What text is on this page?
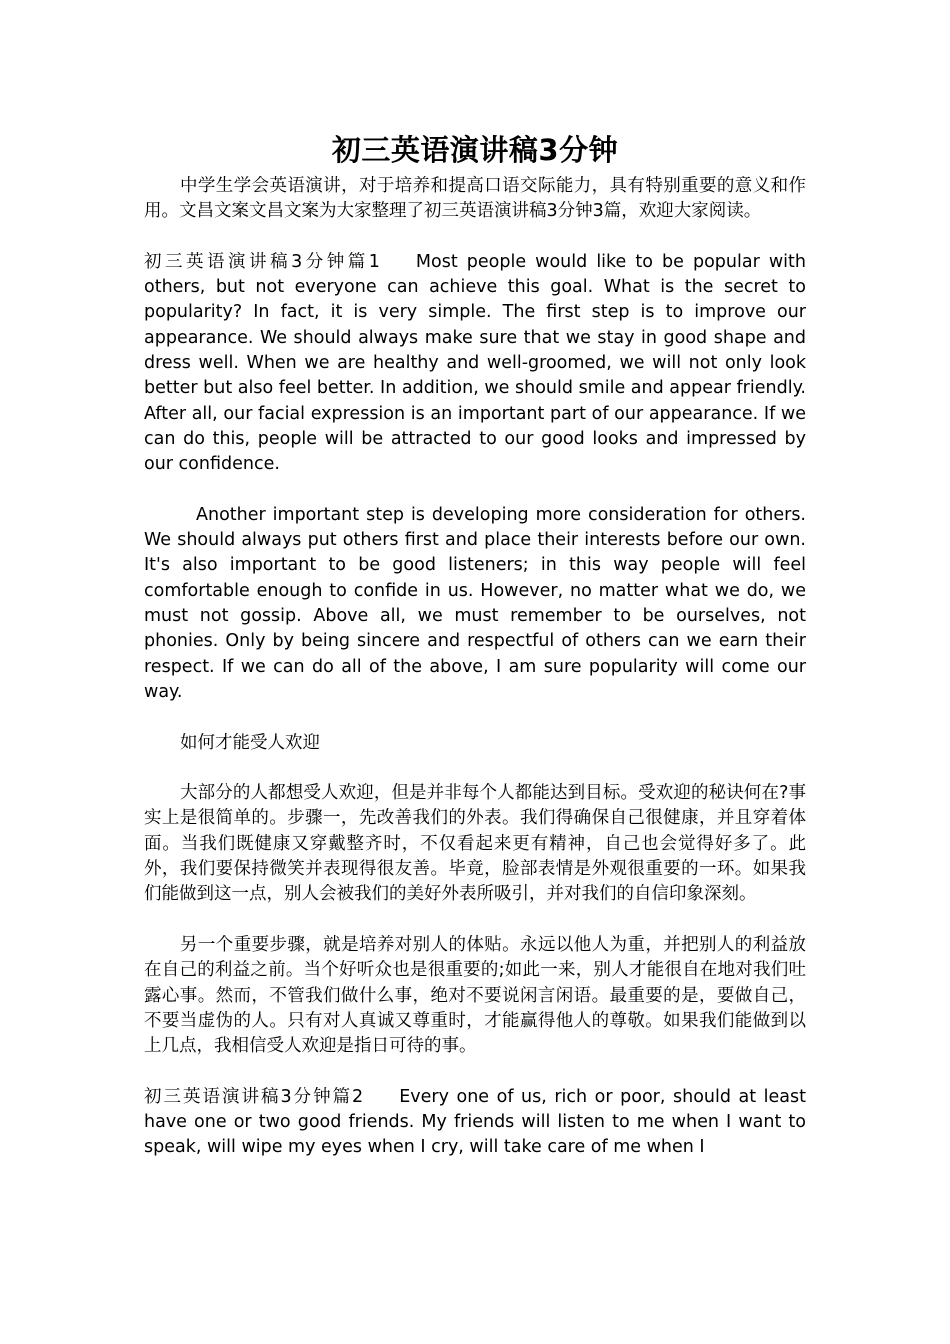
初三英语演讲稿3分钟

中学生学会英语演讲，对于培养和提高口语交际能力，具有特别重要的意义和作用。文昌文案文昌文案为大家整理了初三英语演讲稿3分钟3篇，欢迎大家阅读。

初三英语演讲稿3分钟篇1 Most people would like to be popular with others, but not everyone can achieve this goal. What is the secret to popularity? In fact, it is very simple. The first step is to improve our appearance. We should always make sure that we stay in good shape and dress well. When we are healthy and well-groomed, we will not only look better but also feel better. In addition, we should smile and appear friendly. After all, our facial expression is an important part of our appearance. If we can do this, people will be attracted to our good looks and impressed by our confidence.

Another important step is developing more consideration for others. We should always put others first and place their interests before our own. It's also important to be good listeners; in this way people will feel comfortable enough to confide in us. However, no matter what we do, we must not gossip. Above all, we must remember to be ourselves, not phonies. Only by being sincere and respectful of others can we earn their respect. If we can do all of the above, I am sure popularity will come our way.

如何才能受人欢迎

大部分的人都想受人欢迎，但是并非每个人都能达到目标。受欢迎的秘诀何在?事实上是很简单的。步骤一，先改善我们的外表。我们得确保自己很健康，并且穿着体面。当我们既健康又穿戴整齐时，不仅看起来更有精神，自己也会觉得好多了。此外，我们要保持微笑并表现得很友善。毕竟，脸部表情是外观很重要的一环。如果我们能做到这一点，别人会被我们的美好外表所吸引，并对我们的自信印象深刻。

另一个重要步骤，就是培养对别人的体贴。永远以他人为重，并把别人的利益放在自己的利益之前。当个好听众也是很重要的;如此一来，别人才能很自在地对我们吐露心事。然而，不管我们做什么事，绝对不要说闲言闲语。最重要的是，要做自己，不要当虚伪的人。只有对人真诚又尊重时，才能赢得他人的尊敬。如果我们能做到以上几点，我相信受人欢迎是指日可待的事。

初三英语演讲稿3分钟篇2 Every one of us, rich or poor, should at least have one or two good friends. My friends will listen to me when I want to speak, will wipe my eyes when I cry, will take care of me when I
